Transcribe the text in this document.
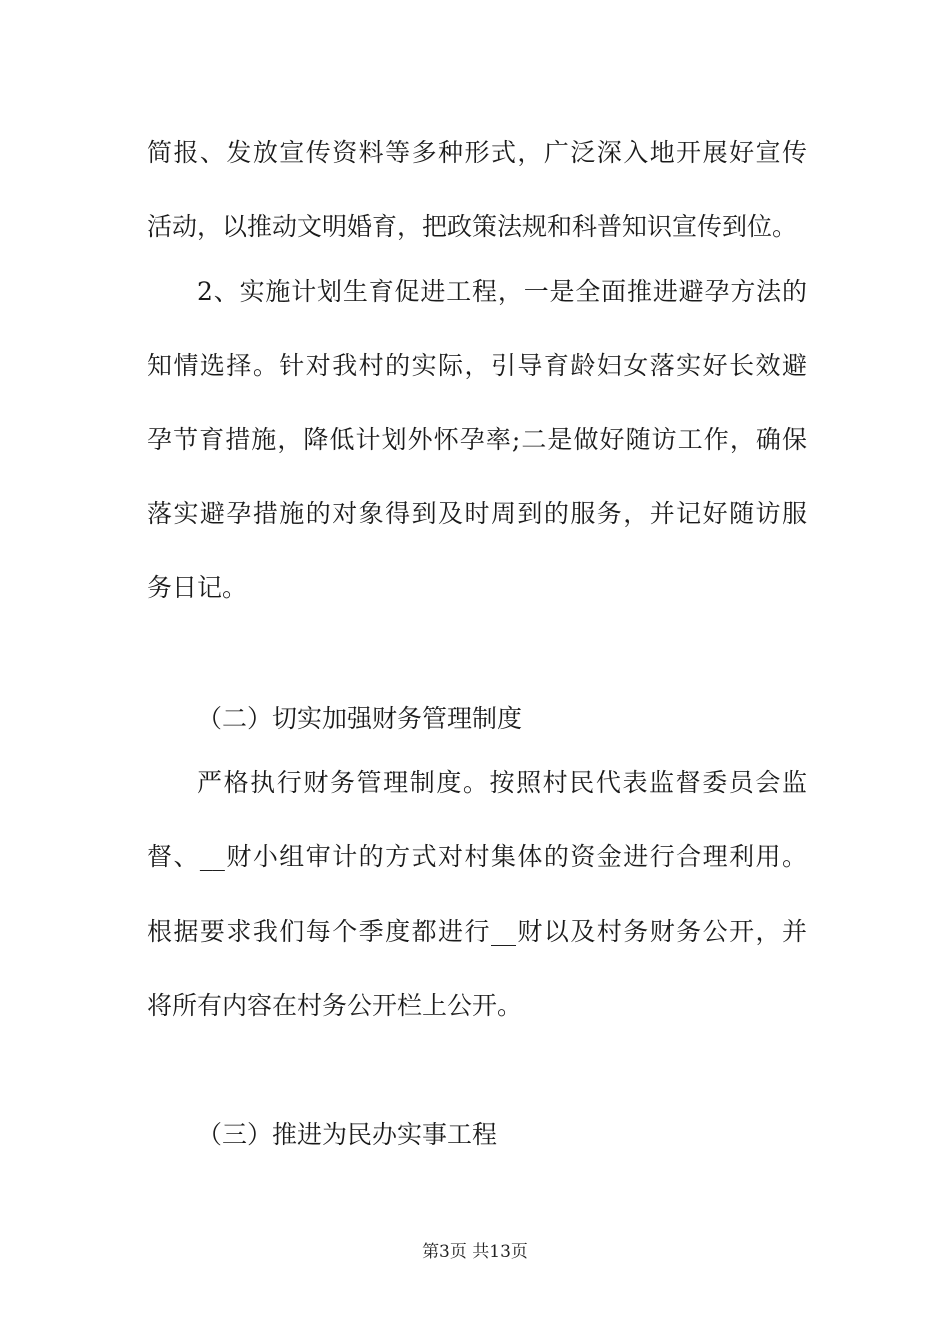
简报、发放宣传资料等多种形式，广泛深入地开展好宣传
活动，以推动文明婚育，把政策法规和科普知识宣传到位。
2、实施计划生育促进工程，一是全面推进避孕方法的
知情选择。针对我村的实际，引导育龄妇女落实好长效避
孕节育措施，降低计划外怀孕率;二是做好随访工作，确保
落实避孕措施的对象得到及时周到的服务，并记好随访服
务日记。
（二）切实加强财务管理制度
严格执行财务管理制度。按照村民代表监督委员会监
督、__财小组审计的方式对村集体的资金进行合理利用。
根据要求我们每个季度都进行__财以及村务财务公开，并
将所有内容在村务公开栏上公开。
（三）推进为民办实事工程
第3页 共13页
